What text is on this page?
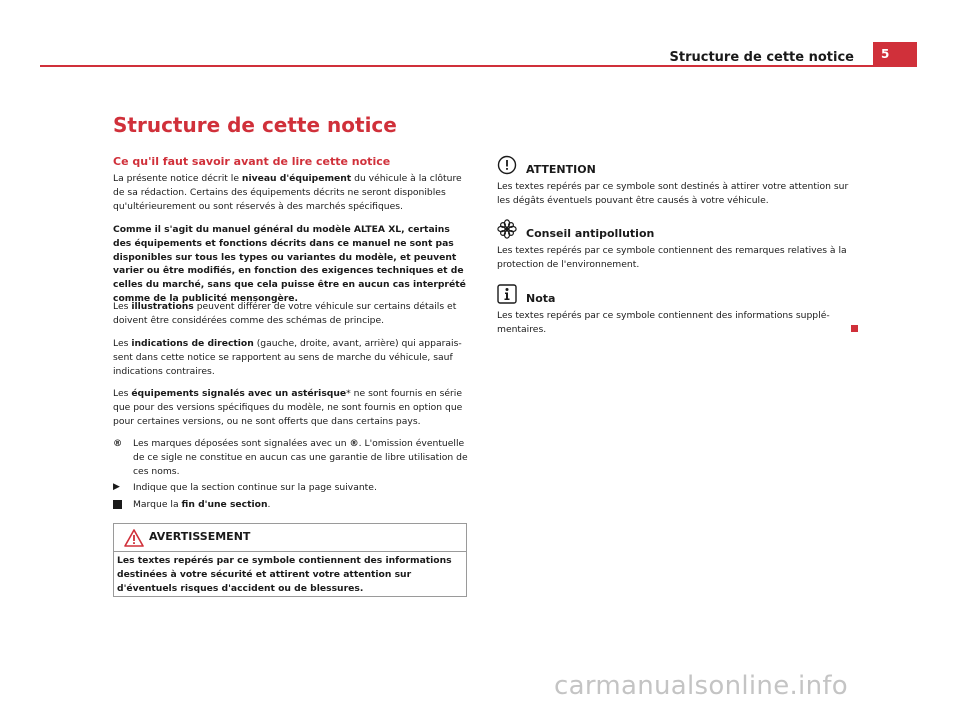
Structure de cette notice	5
Structure de cette notice
Ce qu'il faut savoir avant de lire cette notice

La présente notice décrit le niveau d'équipement du véhicule à la clôture de sa rédaction. Certains des équipements décrits ne seront disponibles qu'ultérieurement ou sont réservés à des marchés spécifiques.

Comme il s'agit du manuel général du modèle ALTEA XL, certains des équipements et fonctions décrits dans ce manuel ne sont pas disponibles sur tous les types ou variantes du modèle, et peuvent varier ou être modifiés, en fonction des exigences techniques et de celles du marché, sans que cela puisse être en aucun cas interprété comme de la publicité mensongère.

Les illustrations peuvent différer de votre véhicule sur certains détails et doivent être considérées comme des schémas de principe.

Les indications de direction (gauche, droite, avant, arrière) qui apparaissent dans cette notice se rapportent au sens de marche du véhicule, sauf indications contraires.

Les équipements signalés avec un astérisque* ne sont fournis en série que pour des versions spécifiques du modèle, ne sont fournis en option que pour certaines versions, ou ne sont offerts que dans certains pays.

®	Les marques déposées sont signalées avec un ®. L'omission éventuelle de ce sigle ne constitue en aucun cas une garantie de libre utilisation de ces noms.
▶	Indique que la section continue sur la page suivante.
Marque la fin d'une section.
AVERTISSEMENT
Les textes repérés par ce symbole contiennent des informations destinées à votre sécurité et attirent votre attention sur d'éventuels risques d'accident ou de blessures.
ATTENTION
Les textes repérés par ce symbole sont destinés à attirer votre attention sur les dégâts éventuels pouvant être causés à votre véhicule.
Conseil antipollution
Les textes repérés par ce symbole contiennent des remarques relatives à la protection de l'environnement.
Nota
Les textes repérés par ce symbole contiennent des informations supplémentaires.
carmanualsonline.info
